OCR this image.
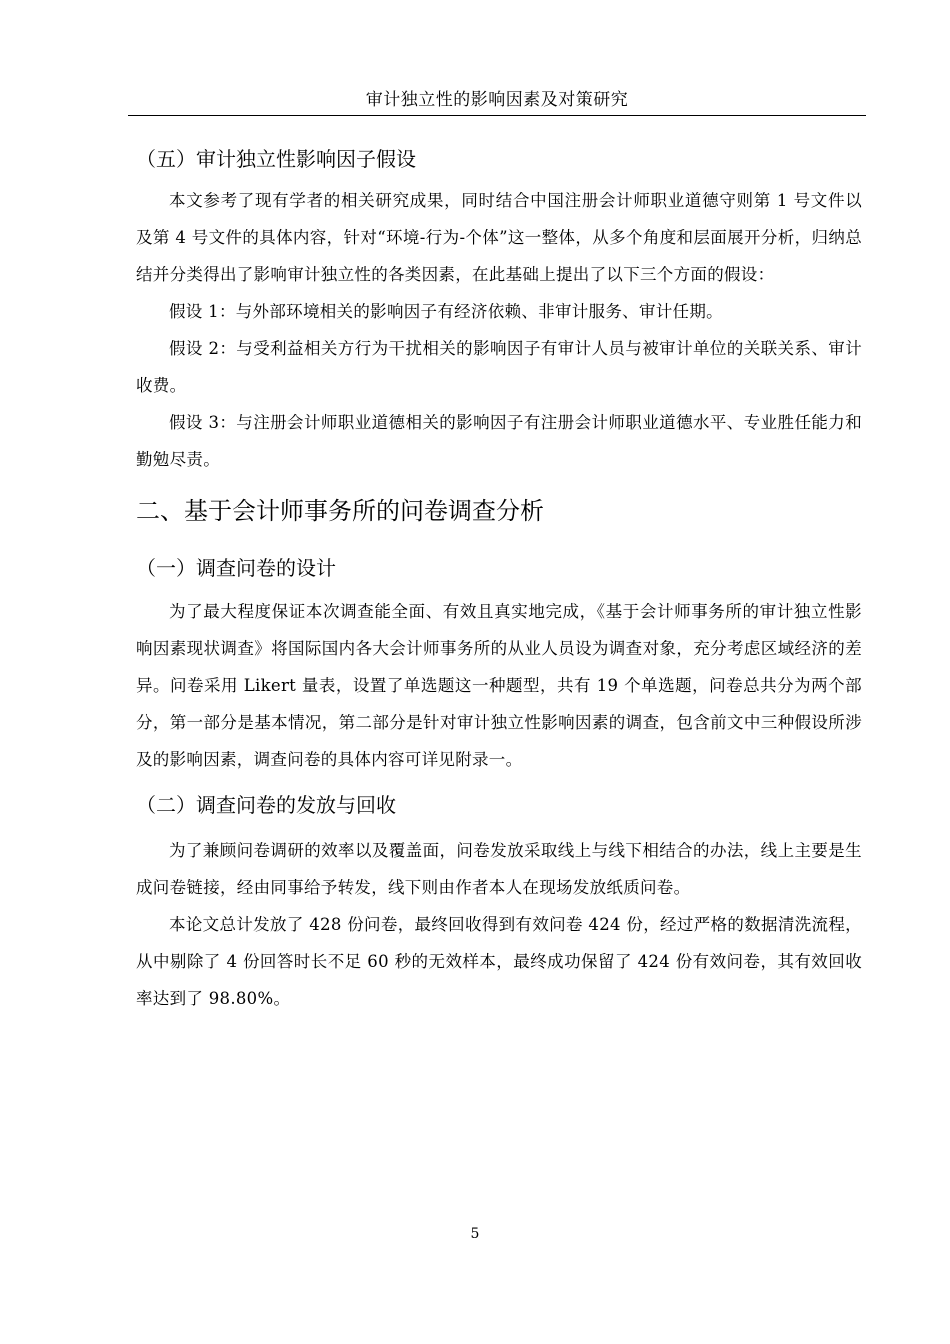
审计独立性的影响因素及对策研究
（五）审计独立性影响因子假设

本文参考了现有学者的相关研究成果，同时结合中国注册会计师职业道德守则第 1 号文件以及第 4 号文件的具体内容，针对“环境-行为-个体”这一整体，从多个角度和层面展开分析，归纳总结并分类得出了影响审计独立性的各类因素，在此基础上提出了以下三个方面的假设：

假设 1：与外部环境相关的影响因子有经济依赖、非审计服务、审计任期。

假设 2：与受利益相关方行为干扰相关的影响因子有审计人员与被审计单位的关联关系、审计收费。

假设 3：与注册会计师职业道德相关的影响因子有注册会计师职业道德水平、专业胜任能力和勤勉尽责。

二、基于会计师事务所的问卷调查分析
（一）调查问卷的设计

为了最大程度保证本次调查能全面、有效且真实地完成，《基于会计师事务所的审计独立性影响因素现状调查》将国际国内各大会计师事务所的从业人员设为调查对象，充分考虑区域经济的差异。问卷采用 Likert 量表，设置了单选题这一种题型，共有 19 个单选题，问卷总共分为两个部分，第一部分是基本情况，第二部分是针对审计独立性影响因素的调查，包含前文中三种假设所涉及的影响因素，调查问卷的具体内容可详见附录一。

（二）调查问卷的发放与回收

为了兼顾问卷调研的效率以及覆盖面，问卷发放采取线上与线下相结合的办法，线上主要是生成问卷链接，经由同事给予转发，线下则由作者本人在现场发放纸质问卷。

本论文总计发放了 428 份问卷，最终回收得到有效问卷 424 份，经过严格的数据清洗流程，从中剔除了 4 份回答时长不足 60 秒的无效样本，最终成功保留了 424 份有效问卷，其有效回收率达到了 98.80%。

5
